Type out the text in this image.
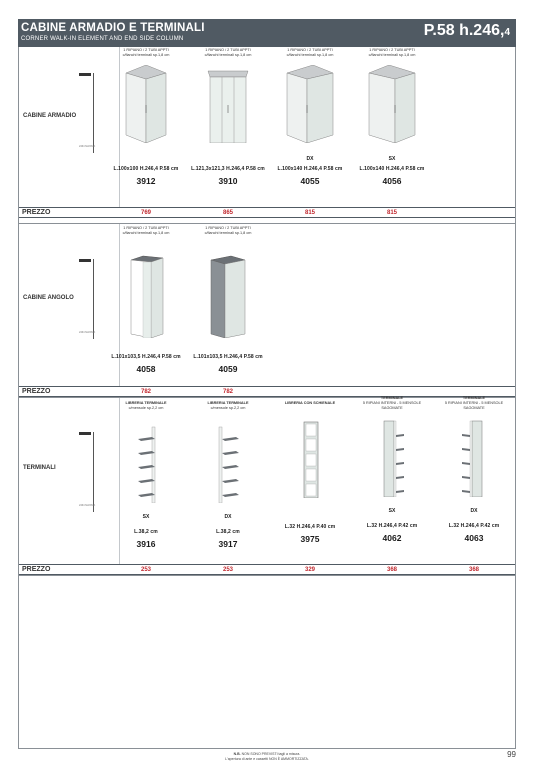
CABINE ARMADIO E TERMINALI
CORNER WALK-IN ELEMENT AND END SIDE COLUMN	P.58 h.246,4
CABINE ARMADIO
2464 MAXIMA
1 RIPIANO / 2 TUBI APPTI
c/fianchi terminali sp.1,8 cm
L.100x100 H.246,4 P.58 cm
3912
1 RIPIANO / 2 TUBI APPTI
c/fianchi terminali sp.1,8 cm
L.121,3x121,3 H.246,4 P.58 cm
3910
1 RIPIANO / 2 TUBI APPTI
c/fianchi terminali sp.1,8 cm
DX
L.100x140 H.246,4 P.58 cm
4055
1 RIPIANO / 2 TUBI APPTI
c/fianchi terminali sp.1,8 cm
SX
L.100x140 H.246,4 P.58 cm
4056
PREZZO	769	865	815	815
CABINE ANGOLO
2464 MAXIMA
1 RIPIANO / 2 TUBI APPTI
c/fianchi terminali sp.1,8 cm
L.101x103,5 H.246,4 P.58 cm
4058
1 RIPIANO / 2 TUBI APPTI
c/fianchi terminali sp.1,8 cm
L.101x103,5 H.246,4 P.58 cm
4059
PREZZO	782	782
TERMINALI
2464 MAXIMA
LIBRERIA TERMINALE
c/mensole sp.2,2 cm
SX
L.38,2 cm
3916
LIBRERIA TERMINALE
c/mensole sp.2,2 cm
DX
L.38,2 cm
3917
LIBRERIA CON SCHIENALE
L.32 H.246,4 P.40 cm
3975
TERMINALE
5 RIPIANI INTERNI - 5 MENSOLE SAGOMATE
SX
L.32 H.246,4 P.42 cm
4062
TERMINALE
5 RIPIANI INTERNI - 5 MENSOLE SAGOMATE
DX
L.32 H.246,4 P.42 cm
4063
PREZZO	253	253	329	368	368
N.B. NON SONO PREVISTI tagli a misura.
L'apertura di ante e cassetti NON È AMMORTIZZATA.	99
